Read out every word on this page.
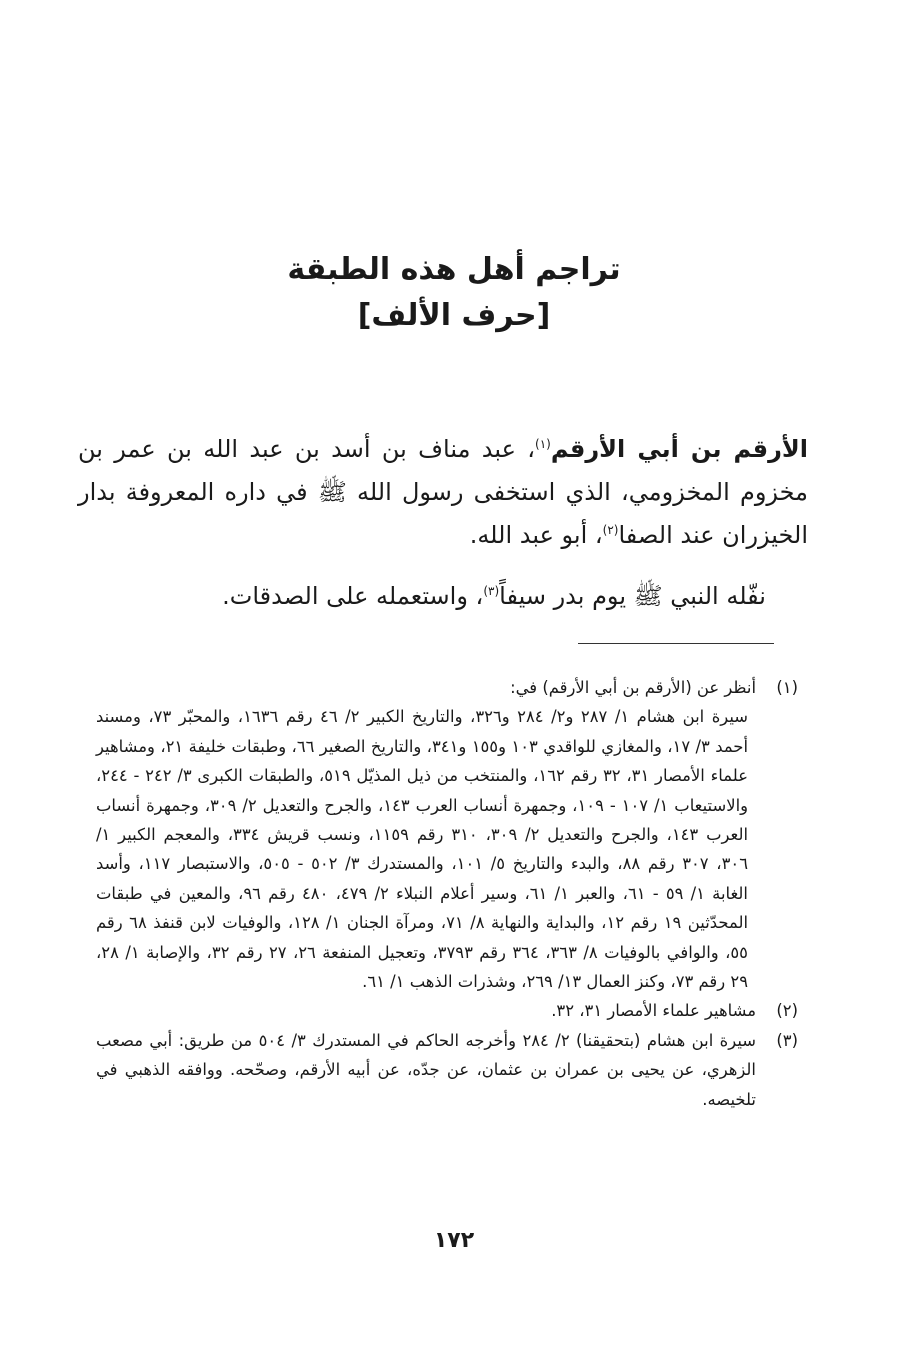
تراجم أهل هذه الطبقة
[حرف الألف]

الأرقم بن أبي الأرقم$^{(١)}$، عبد مناف بن أسد بن عبد الله بن عمر بن مخزوم المخزومي، الذي استخفى رسول الله ﷺ في داره المعروفة بدار الخيزران عند الصفا$^{(٢)}$، أبو عبد الله.

نفّله النبي ﷺ يوم بدر سيفاً$^{(٣)}$، واستعمله على الصدقات.

(١)
أنظر عن (الأرقم بن أبي الأرقم) في:
سيرة ابن هشام ١/ ٢٨٧ و٢/ ٢٨٤ و٣٢٦، والتاريخ الكبير ٢/ ٤٦ رقم ١٦٣٦، والمحبّر ٧٣، ومسند أحمد ٣/ ١٧، والمغازي للواقدي ١٠٣ و١٥٥ و٣٤١، والتاريخ الصغير ٦٦، وطبقات خليفة ٢١، ومشاهير علماء الأمصار ٣١، ٣٢ رقم ١٦٢، والمنتخب من ذيل المذيّل ٥١٩، والطبقات الكبرى ٣/ ٢٤٢ - ٢٤٤، والاستيعاب ١/ ١٠٧ - ١٠٩، وجمهرة أنساب العرب ١٤٣، والجرح والتعديل ٢/ ٣٠٩، وجمهرة أنساب العرب ١٤٣، والجرح والتعديل ٢/ ٣٠٩، ٣١٠ رقم ١١٥٩، ونسب قريش ٣٣٤، والمعجم الكبير ١/ ٣٠٦، ٣٠٧ رقم ٨٨، والبدء والتاريخ ٥/ ١٠١، والمستدرك ٣/ ٥٠٢ - ٥٠٥، والاستبصار ١١٧، وأسد الغابة ١/ ٥٩ - ٦١، والعبر ١/ ٦١، وسير أعلام النبلاء ٢/ ٤٧٩، ٤٨٠ رقم ٩٦، والمعين في طبقات المحدّثين ١٩ رقم ١٢، والبداية والنهاية ٨/ ٧١، ومرآة الجنان ١/ ١٢٨، والوفيات لابن قنفذ ٦٨ رقم ٥٥، والوافي بالوفيات ٨/ ٣٦٣، ٣٦٤ رقم ٣٧٩٣، وتعجيل المنفعة ٢٦، ٢٧ رقم ٣٢، والإصابة ١/ ٢٨، ٢٩ رقم ٧٣، وكنز العمال ١٣/ ٢٦٩، وشذرات الذهب ١/ ٦١.
(٢)
مشاهير علماء الأمصار ٣١، ٣٢.
(٣)
سيرة ابن هشام (بتحقيقنا) ٢/ ٢٨٤ وأخرجه الحاكم في المستدرك ٣/ ٥٠٤ من طريق: أبي مصعب الزهري، عن يحيى بن عمران بن عثمان، عن جدّه، عن أبيه الأرقم، وصحّحه. ووافقه الذهبي في تلخيصه.
١٧٢
